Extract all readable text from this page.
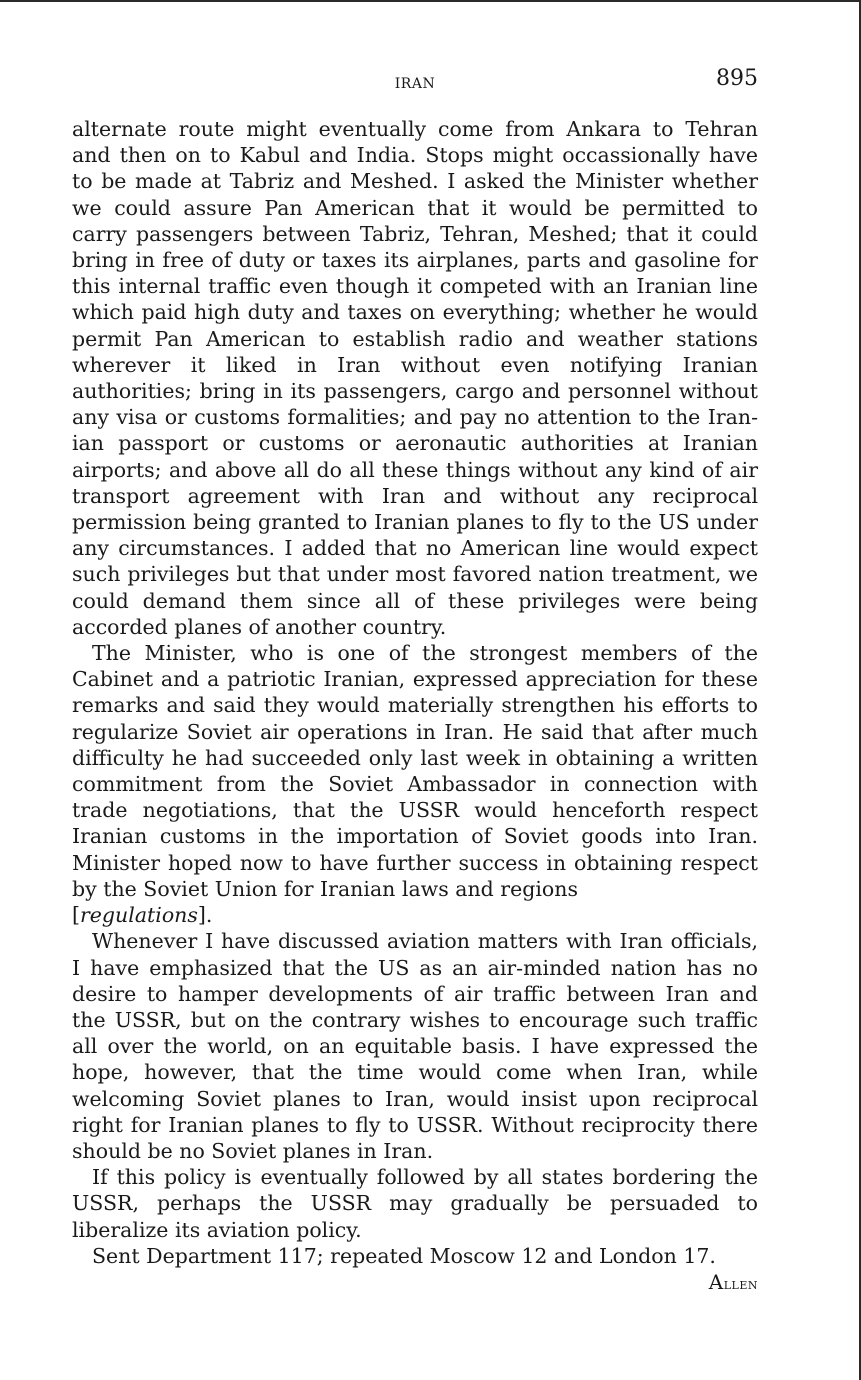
IRAN	895

alternate route might eventually come from Ankara to Tehran and then on to Kabul and India. Stops might occassionally have to be made at Tabriz and Meshed. I asked the Minister whether we could assure Pan American that it would be permitted to carry passengers between Tabriz, Tehran, Meshed; that it could bring in free of duty or taxes its airplanes, parts and gasoline for this internal traffic even though it competed with an Iranian line which paid high duty and taxes on everything; whether he would permit Pan American to establish radio and weather stations wherever it liked in Iran without even notifying Iranian authorities; bring in its passengers, cargo and personnel without any visa or customs formalities; and pay no attention to the Iranian passport or customs or aeronautic authorities at Iranian airports; and above all do all these things without any kind of air transport agreement with Iran and without any reciprocal permission being granted to Iranian planes to fly to the US under any circumstances. I added that no American line would expect such privileges but that under most favored nation treatment, we could demand them since all of these privileges were being accorded planes of another country.

The Minister, who is one of the strongest members of the Cabinet and a patriotic Iranian, expressed appreciation for these remarks and said they would materially strengthen his efforts to regularize Soviet air operations in Iran. He said that after much difficulty he had succeeded only last week in obtaining a written commitment from the Soviet Ambassador in connection with trade negotiations, that the USSR would henceforth respect Iranian customs in the importation of Soviet goods into Iran. Minister hoped now to have further success in obtaining respect by the Soviet Union for Iranian laws and regions
[regulations].

Whenever I have discussed aviation matters with Iran officials, I have emphasized that the US as an air-minded nation has no desire to hamper developments of air traffic between Iran and the USSR, but on the contrary wishes to encourage such traffic all over the world, on an equitable basis. I have expressed the hope, however, that the time would come when Iran, while welcoming Soviet planes to Iran, would insist upon reciprocal right for Iranian planes to fly to USSR. Without reciprocity there should be no Soviet planes in Iran.

If this policy is eventually followed by all states bordering the USSR, perhaps the USSR may gradually be persuaded to liberalize its aviation policy.

Sent Department 117; repeated Moscow 12 and London 17.

Allen
